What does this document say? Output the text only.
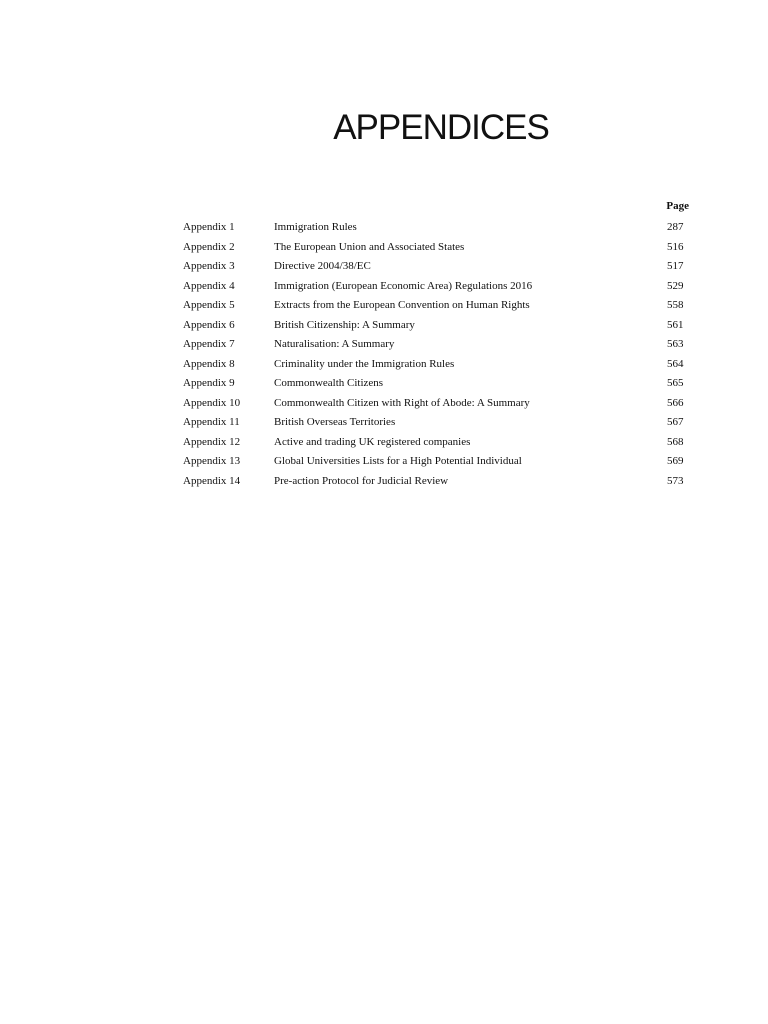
APPENDICES
Page
Appendix 1	Immigration Rules	287
Appendix 2	The European Union and Associated States	516
Appendix 3	Directive 2004/38/EC	517
Appendix 4	Immigration (European Economic Area) Regulations 2016	529
Appendix 5	Extracts from the European Convention on Human Rights	558
Appendix 6	British Citizenship: A Summary	561
Appendix 7	Naturalisation: A Summary	563
Appendix 8	Criminality under the Immigration Rules	564
Appendix 9	Commonwealth Citizens	565
Appendix 10	Commonwealth Citizen with Right of Abode: A Summary	566
Appendix 11	British Overseas Territories	567
Appendix 12	Active and trading UK registered companies	568
Appendix 13	Global Universities Lists for a High Potential Individual	569
Appendix 14	Pre-action Protocol for Judicial Review	573
